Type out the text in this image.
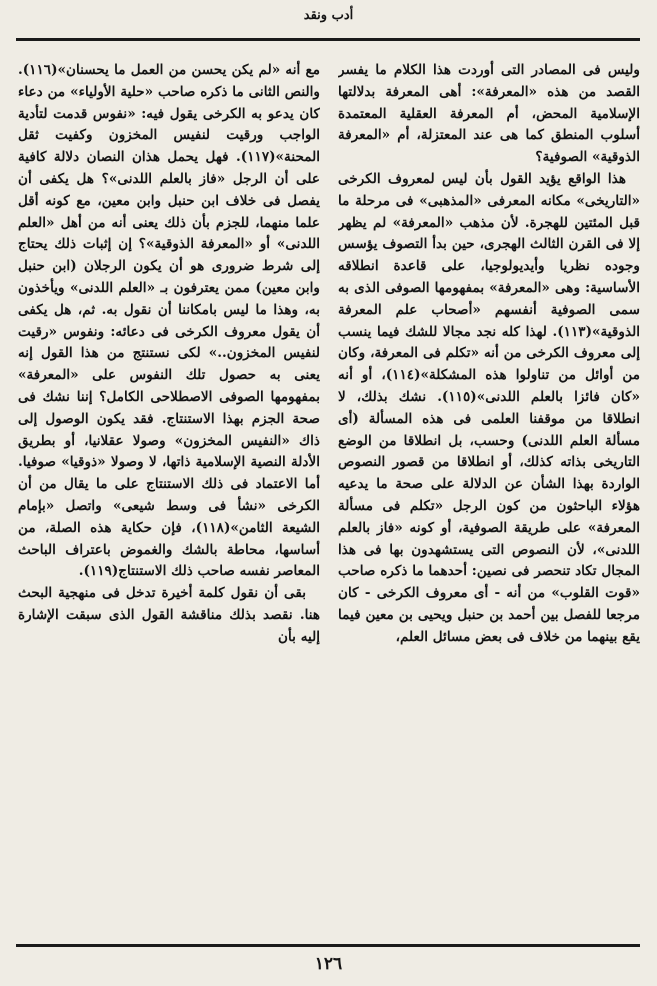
أدب ونقد

وليس فى المصادر التى أوردت هذا الكلام ما يفسر القصد من هذه «المعرفة»: أهى المعرفة بدلالتها الإسلامية المحض، أم المعرفة العقلية المعتمدة أسلوب المنطق كما هى عند المعتزلة، أم «المعرفة الذوقية» الصوفية؟

هذا الواقع يؤيد القول بأن ليس لمعروف الكرخى «التاريخى» مكانه المعرفى «المذهبى» فى مرحلة ما قبل المئتين للهجرة. لأن مذهب «المعرفة» لم يظهر إلا فى القرن الثالث الهجرى، حين بدأ التصوف يؤسس وجوده نظريا وأيديولوجيا، على قاعدة انطلاقه الأساسية: وهى «المعرفة» بمفهومها الصوفى الذى به سمى الصوفية أنفسهم «أصحاب علم المعرفة الذوقية»(١١٣). لهذا كله نجد مجالا للشك فيما ينسب إلى معروف الكرخى من أنه «تكلم فى المعرفة، وكان من أوائل من تناولوا هذه المشكلة»(١١٤)، أو أنه «كان فائزا بالعلم اللدنى»(١١٥). نشك بذلك، لا انطلاقا من موقفنا العلمى فى هذه المسألة (أى مسألة العلم اللدنى) وحسب، بل انطلاقا من الوضع التاريخى بذاته كذلك، أو انطلاقا من قصور النصوص الواردة بهذا الشأن عن الدلالة على صحة ما يدعيه هؤلاء الباحثون من كون الرجل «تكلم فى مسألة المعرفة» على طريقة الصوفية، أو كونه «فاز بالعلم اللدنى»، لأن النصوص التى يستشهدون بها فى هذا المجال تكاد تنحصر فى نصين: أحدهما ما ذكره صاحب «قوت القلوب» من أنه - أى معروف الكرخى - كان مرجعا للفصل بين أحمد بن حنبل ويحيى بن معين فيما يقع بينهما من خلاف فى بعض مسائل العلم،

مع أنه «لم يكن يحسن من العمل ما يحسنان»(١١٦). والنص الثانى ما ذكره صاحب «حلية الأولياء» من دعاء كان يدعو به الكرخى يقول فيه: «نفوس قدمت لتأدية الواجب ورقيت لنفيس المخزون وكفيت ثقل المحنة»(١١٧). فهل يحمل هذان النصان دلالة كافية على أن الرجل «فاز بالعلم اللدنى»؟ هل يكفى أن يفصل فى خلاف ابن حنبل وابن معين، مع كونه أقل علما منهما، للجزم بأن ذلك يعنى أنه من أهل «العلم اللدنى» أو «المعرفة الذوقية»؟ إن إثبات ذلك يحتاج إلى شرط ضرورى هو أن يكون الرجلان (ابن حنبل وابن معين) ممن يعترفون بـ «العلم اللدنى» ويأخذون به، وهذا ما ليس بامكاننا أن نقول به. ثم، هل يكفى أن يقول معروف الكرخى فى دعائه: ونفوس «رقيت لنفيس المخزون..» لكى نستنتج من هذا القول إنه يعنى به حصول تلك النفوس على «المعرفة» بمفهومها الصوفى الاصطلاحى الكامل؟ إننا نشك فى صحة الجزم بهذا الاستنتاج. فقد يكون الوصول إلى ذاك «النفيس المخزون» وصولا عقلانيا، أو بطريق الأدلة النصية الإسلامية ذاتها، لا وصولا «ذوقيا» صوفيا. أما الاعتماد فى ذلك الاستنتاج على ما يقال من أن الكرخى «نشأ فى وسط شيعى» واتصل «بإمام الشيعة الثامن»(١١٨)، فإن حكاية هذه الصلة، من أساسها، محاطة بالشك والغموض باعتراف الباحث المعاصر نفسه صاحب ذلك الاستنتاج(١١٩).

بقى أن نقول كلمة أخيرة تدخل فى منهجية البحث هنا. نقصد بذلك مناقشة القول الذى سبقت الإشارة إليه بأن

١٢٦
